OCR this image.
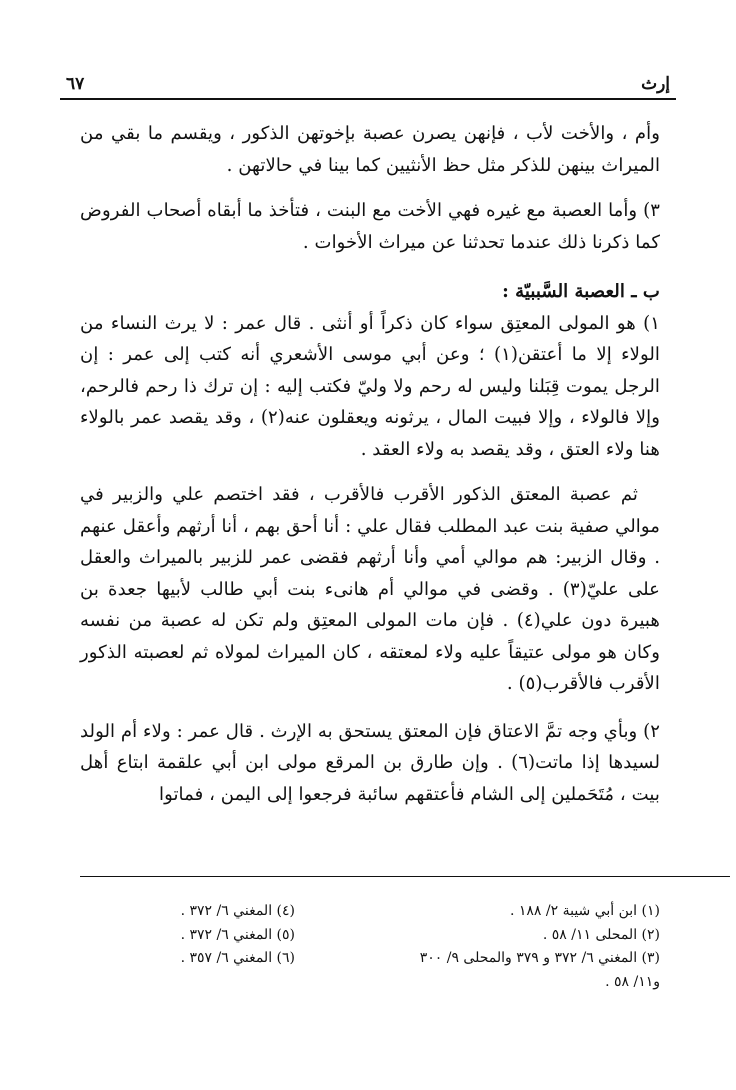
٦٧	إرث

وأم ، والأخت لأب ، فإنهن يصرن عصبة بإخوتهن الذكور ، ويقسم ما بقي من الميراث بينهن للذكر مثل حظ الأنثيين كما بينا في حالاتهن .

٣) وأما العصبة مع غيره فهي الأخت مع البنت ، فتأخذ ما أبقاه أصحاب الفروض كما ذكرنا ذلك عندما تحدثنا عن ميراث الأخوات .

ب ـ العصبة السَّببيّة :

١) هو المولى المعتِق سواء كان ذكراً أو أنثى . قال عمر : لا يرث النساء من الولاء إلا ما أعتقن(١) ؛ وعن أبي موسى الأشعري أنه كتب إلى عمر : إن الرجل يموت قِبَلنا وليس له رحم ولا وليّ فكتب إليه : إن ترك ذا رحم فالرحم، وإلا فالولاء ، وإلا فبيت المال ، يرثونه ويعقلون عنه(٢) ، وقد يقصد عمر بالولاء هنا ولاء العتق ، وقد يقصد به ولاء العقد .

ثم عصبة المعتق الذكور الأقرب فالأقرب ، فقد اختصم علي والزبير في موالي صفية بنت عبد المطلب فقال علي : أنا أحق بهم ، أنا أرثهم وأعقل عنهم . وقال الزبير: هم موالي أمي وأنا أرثهم فقضى عمر للزبير بالميراث والعقل على عليّ(٣) . وقضى في موالي أم هانىء بنت أبي طالب لأبيها جعدة بن هبيرة دون علي(٤) . فإن مات المولى المعتِق ولم تكن له عصبة من نفسه وكان هو مولى عتيقاً عليه ولاء لمعتقه ، كان الميراث لمولاه ثم لعصبته الذكور الأقرب فالأقرب(٥) .

٢) وبأي وجه تمَّ الاعتاق فإن المعتق يستحق به الإرث . قال عمر : ولاء أم الولد لسيدها إذا ماتت(٦) . وإن طارق بن المرقع مولى ابن أبي علقمة ابتاع أهل بيت ، مُتَحَملين إلى الشام فأعتقهم سائبة فرجعوا إلى اليمن ، فماتوا

(١) ابن أبي شيبة ٢/ ١٨٨ .
(٢) المحلى ١١/ ٥٨ .
(٣) المغني ٦/ ٣٧٢ و ٣٧٩ والمحلى ٩/ ٣٠٠
و١١/ ٥٨ .
(٤) المغني ٦/ ٣٧٢ .
(٥) المغني ٦/ ٣٧٢ .
(٦) المغني ٦/ ٣٥٧ .
